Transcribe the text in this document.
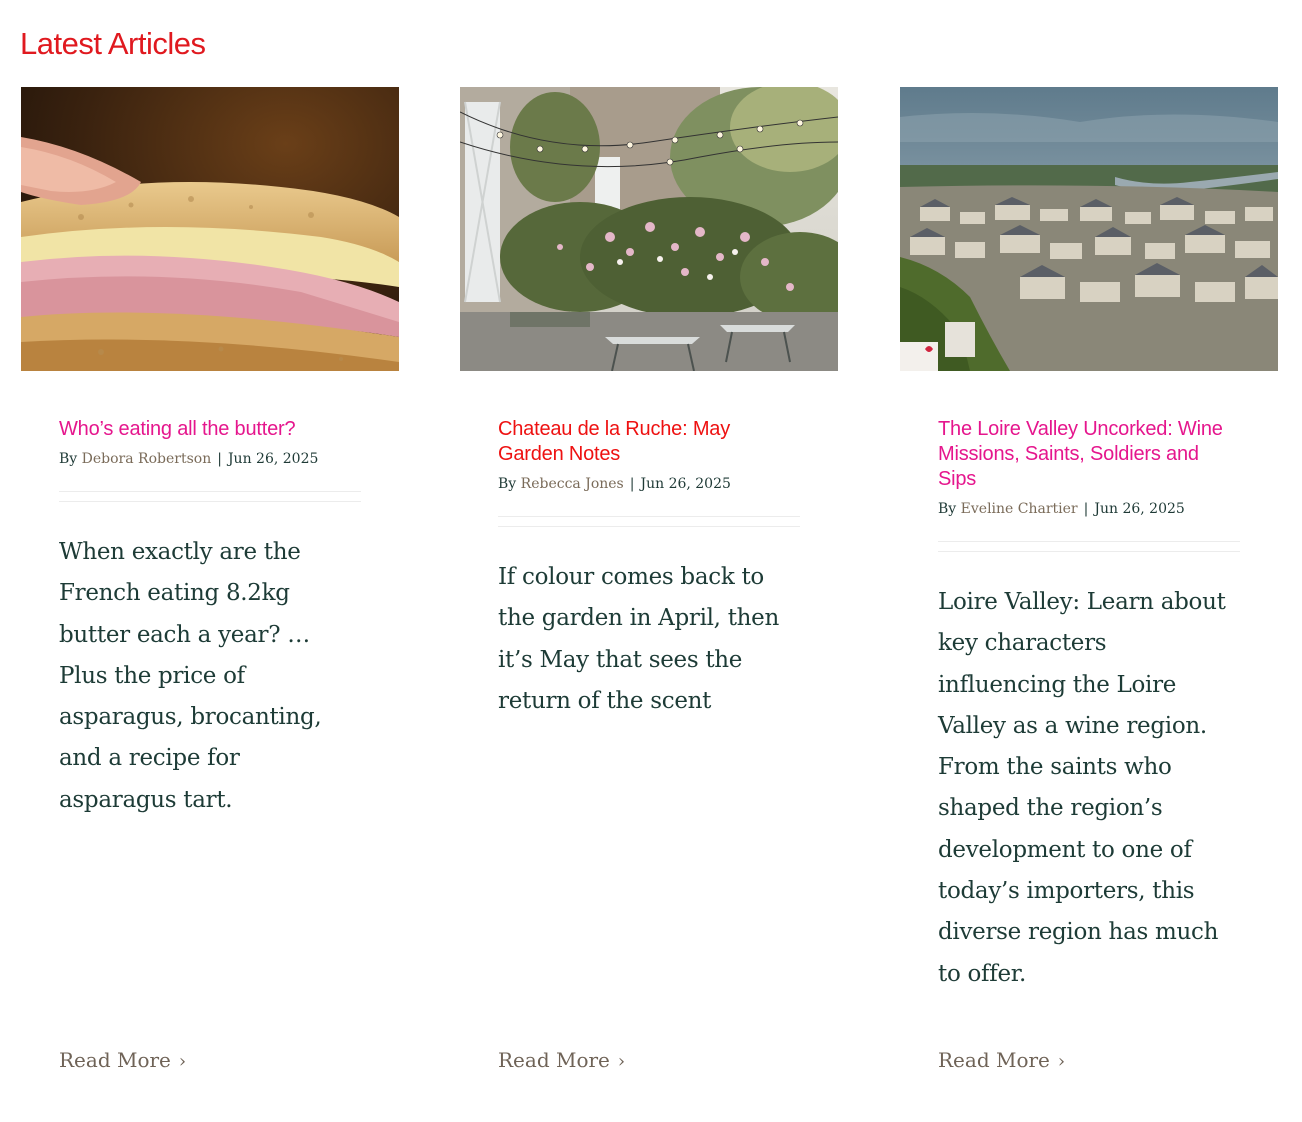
Latest Articles
Who’s eating all the butter?
By Debora Robertson | Jun 26, 2025

When exactly are the French eating 8.2kg butter each a year? … Plus the price of asparagus, brocanting, and a recipe for asparagus tart.

Read More ›
Chateau de la Ruche: May Garden Notes
By Rebecca Jones | Jun 26, 2025

If colour comes back to the garden in April, then it’s May that sees the return of the scent

Read More ›
The Loire Valley Uncorked: Wine Missions, Saints, Soldiers and Sips
By Eveline Chartier | Jun 26, 2025

Loire Valley: Learn about key characters influencing the Loire Valley as a wine region. From the saints who shaped the region’s development to one of today’s importers, this diverse region has much to offer.

Read More ›
